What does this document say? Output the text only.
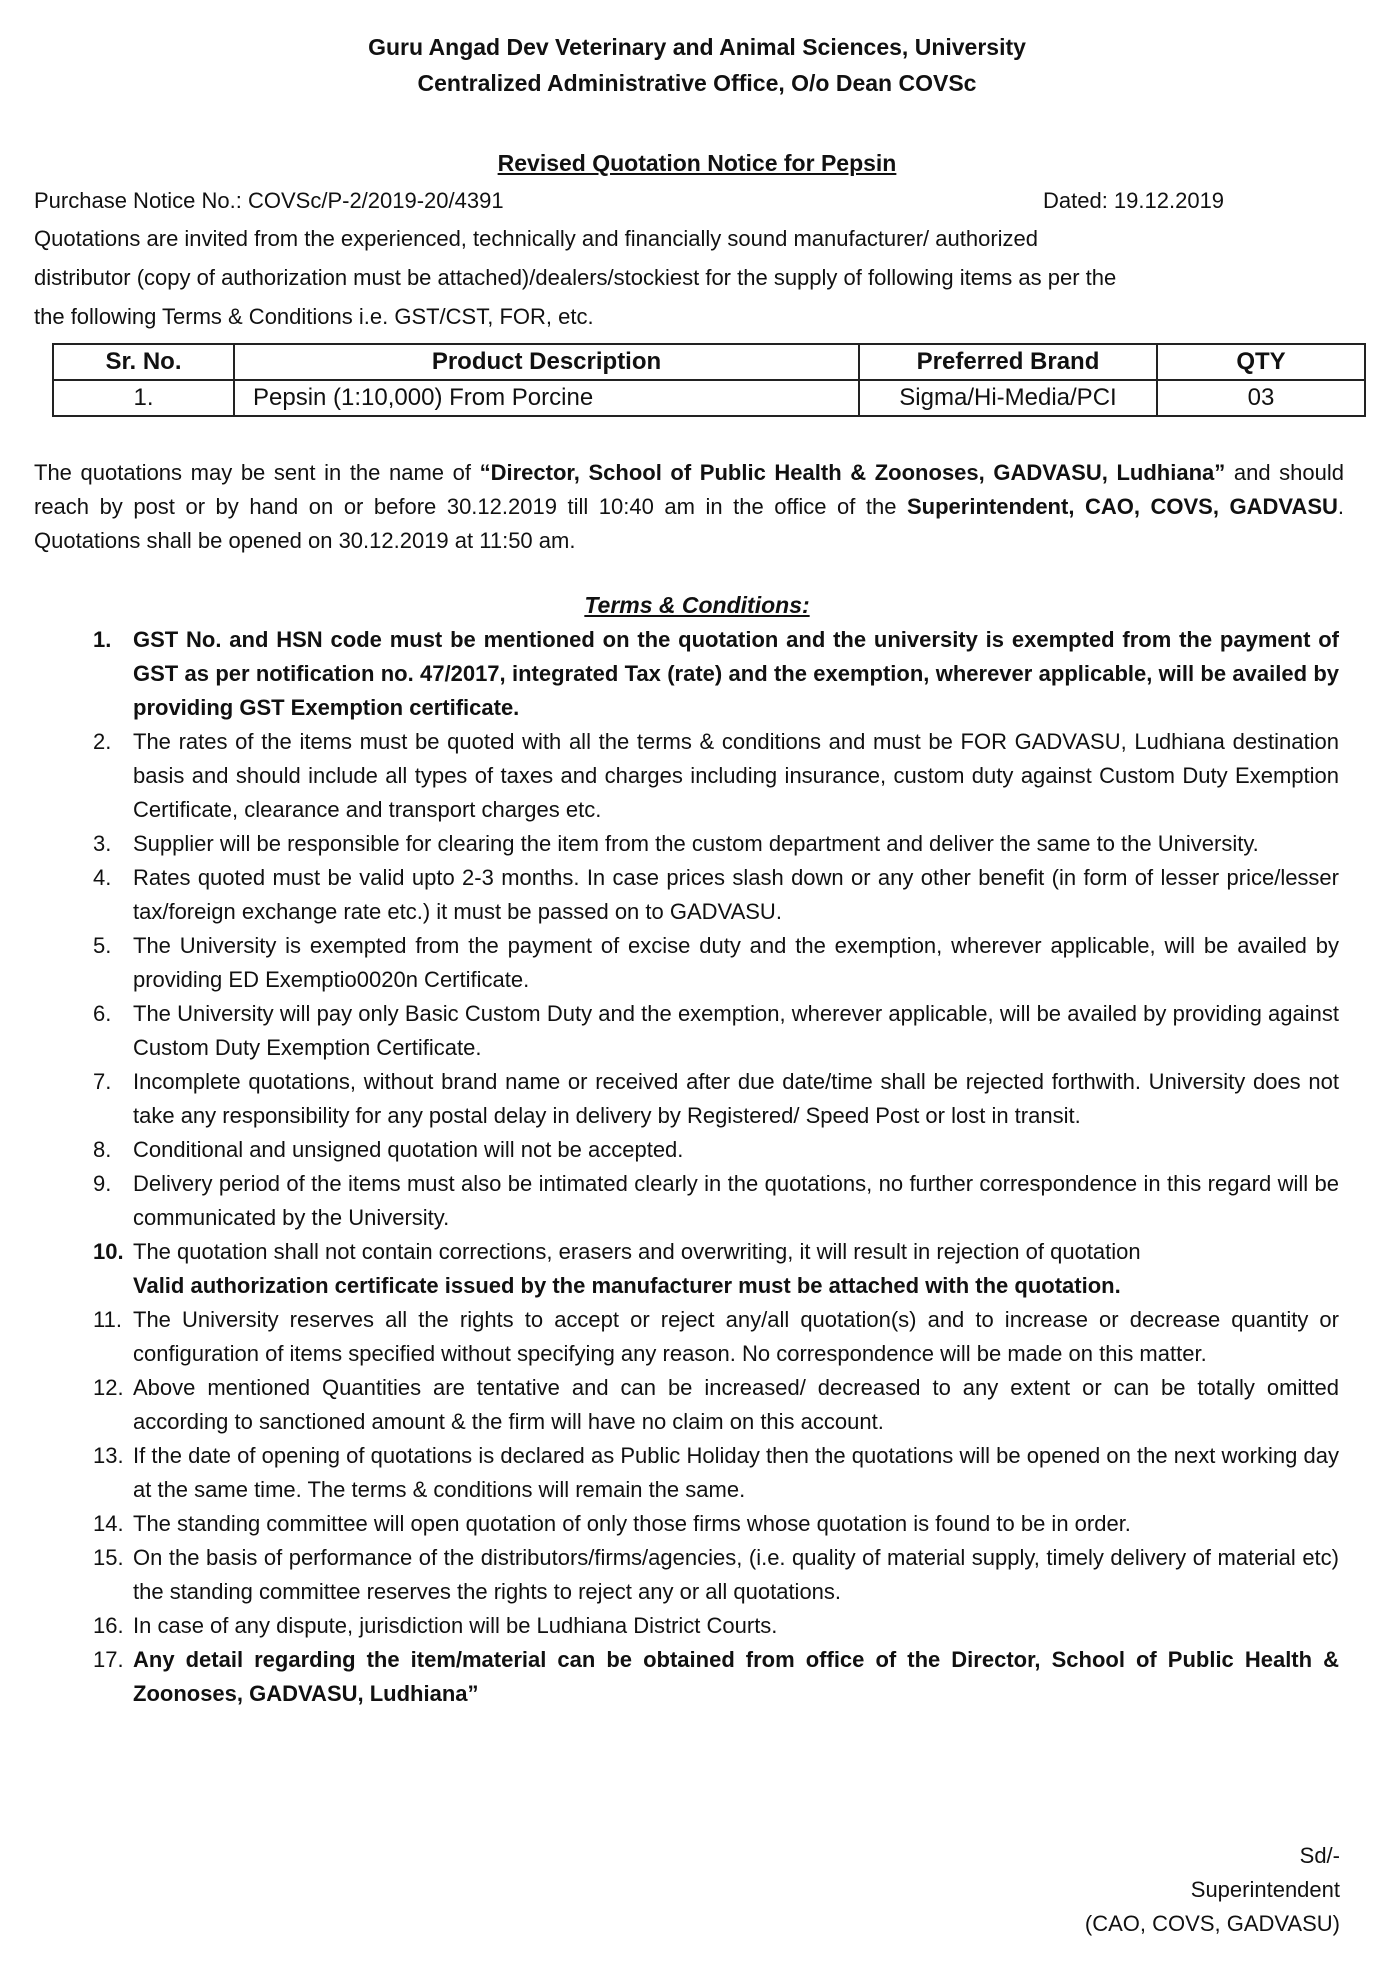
Guru Angad Dev Veterinary and Animal Sciences, University
Centralized Administrative Office, O/o Dean COVSc
Revised Quotation Notice for Pepsin
Purchase Notice No.: COVSc/P-2/2019-20/4391	Dated: 19.12.2019
Quotations are invited from the experienced, technically and financially sound manufacturer/ authorized
distributor (copy of authorization must be attached)/dealers/stockiest for the supply of following items as per the
the following Terms & Conditions i.e. GST/CST, FOR, etc.
Sr. No.	Product Description	Preferred Brand	QTY
1.	Pepsin (1:10,000) From Porcine	Sigma/Hi-Media/PCI	03
The quotations may be sent in the name of “Director, School of Public Health & Zoonoses, GADVASU, Ludhiana” and should reach by post or by hand on or before 30.12.2019 till 10:40 am in the office of the Superintendent, CAO, COVS, GADVASU. Quotations shall be opened on 30.12.2019 at 11:50 am.
Terms & Conditions:
1. GST No. and HSN code must be mentioned on the quotation and the university is exempted from the payment of GST as per notification no. 47/2017, integrated Tax (rate) and the exemption, wherever applicable, will be availed by providing GST Exemption certificate.
2. The rates of the items must be quoted with all the terms & conditions and must be FOR GADVASU, Ludhiana destination basis and should include all types of taxes and charges including insurance, custom duty against Custom Duty Exemption Certificate, clearance and transport charges etc.
3. Supplier will be responsible for clearing the item from the custom department and deliver the same to the University.
4. Rates quoted must be valid upto 2-3 months. In case prices slash down or any other benefit (in form of lesser price/lesser tax/foreign exchange rate etc.) it must be passed on to GADVASU.
5. The University is exempted from the payment of excise duty and the exemption, wherever applicable, will be availed by providing ED Exemptio0020n Certificate.
6. The University will pay only Basic Custom Duty and the exemption, wherever applicable, will be availed by providing against Custom Duty Exemption Certificate.
7. Incomplete quotations, without brand name or received after due date/time shall be rejected forthwith. University does not take any responsibility for any postal delay in delivery by Registered/ Speed Post or lost in transit.
8. Conditional and unsigned quotation will not be accepted.
9. Delivery period of the items must also be intimated clearly in the quotations, no further correspondence in this regard will be communicated by the University.
10. The quotation shall not contain corrections, erasers and overwriting, it will result in rejection of quotation
Valid authorization certificate issued by the manufacturer must be attached with the quotation.
11. The University reserves all the rights to accept or reject any/all quotation(s) and to increase or decrease quantity or configuration of items specified without specifying any reason. No correspondence will be made on this matter.
12. Above mentioned Quantities are tentative and can be increased/ decreased to any extent or can be totally omitted according to sanctioned amount & the firm will have no claim on this account.
13. If the date of opening of quotations is declared as Public Holiday then the quotations will be opened on the next working day at the same time. The terms & conditions will remain the same.
14. The standing committee will open quotation of only those firms whose quotation is found to be in order.
15. On the basis of performance of the distributors/firms/agencies, (i.e. quality of material supply, timely delivery of material etc) the standing committee reserves the rights to reject any or all quotations.
16. In case of any dispute, jurisdiction will be Ludhiana District Courts.
17. Any detail regarding the item/material can be obtained from office of the Director, School of Public Health & Zoonoses, GADVASU, Ludhiana”
Sd/-
Superintendent
(CAO, COVS, GADVASU)
